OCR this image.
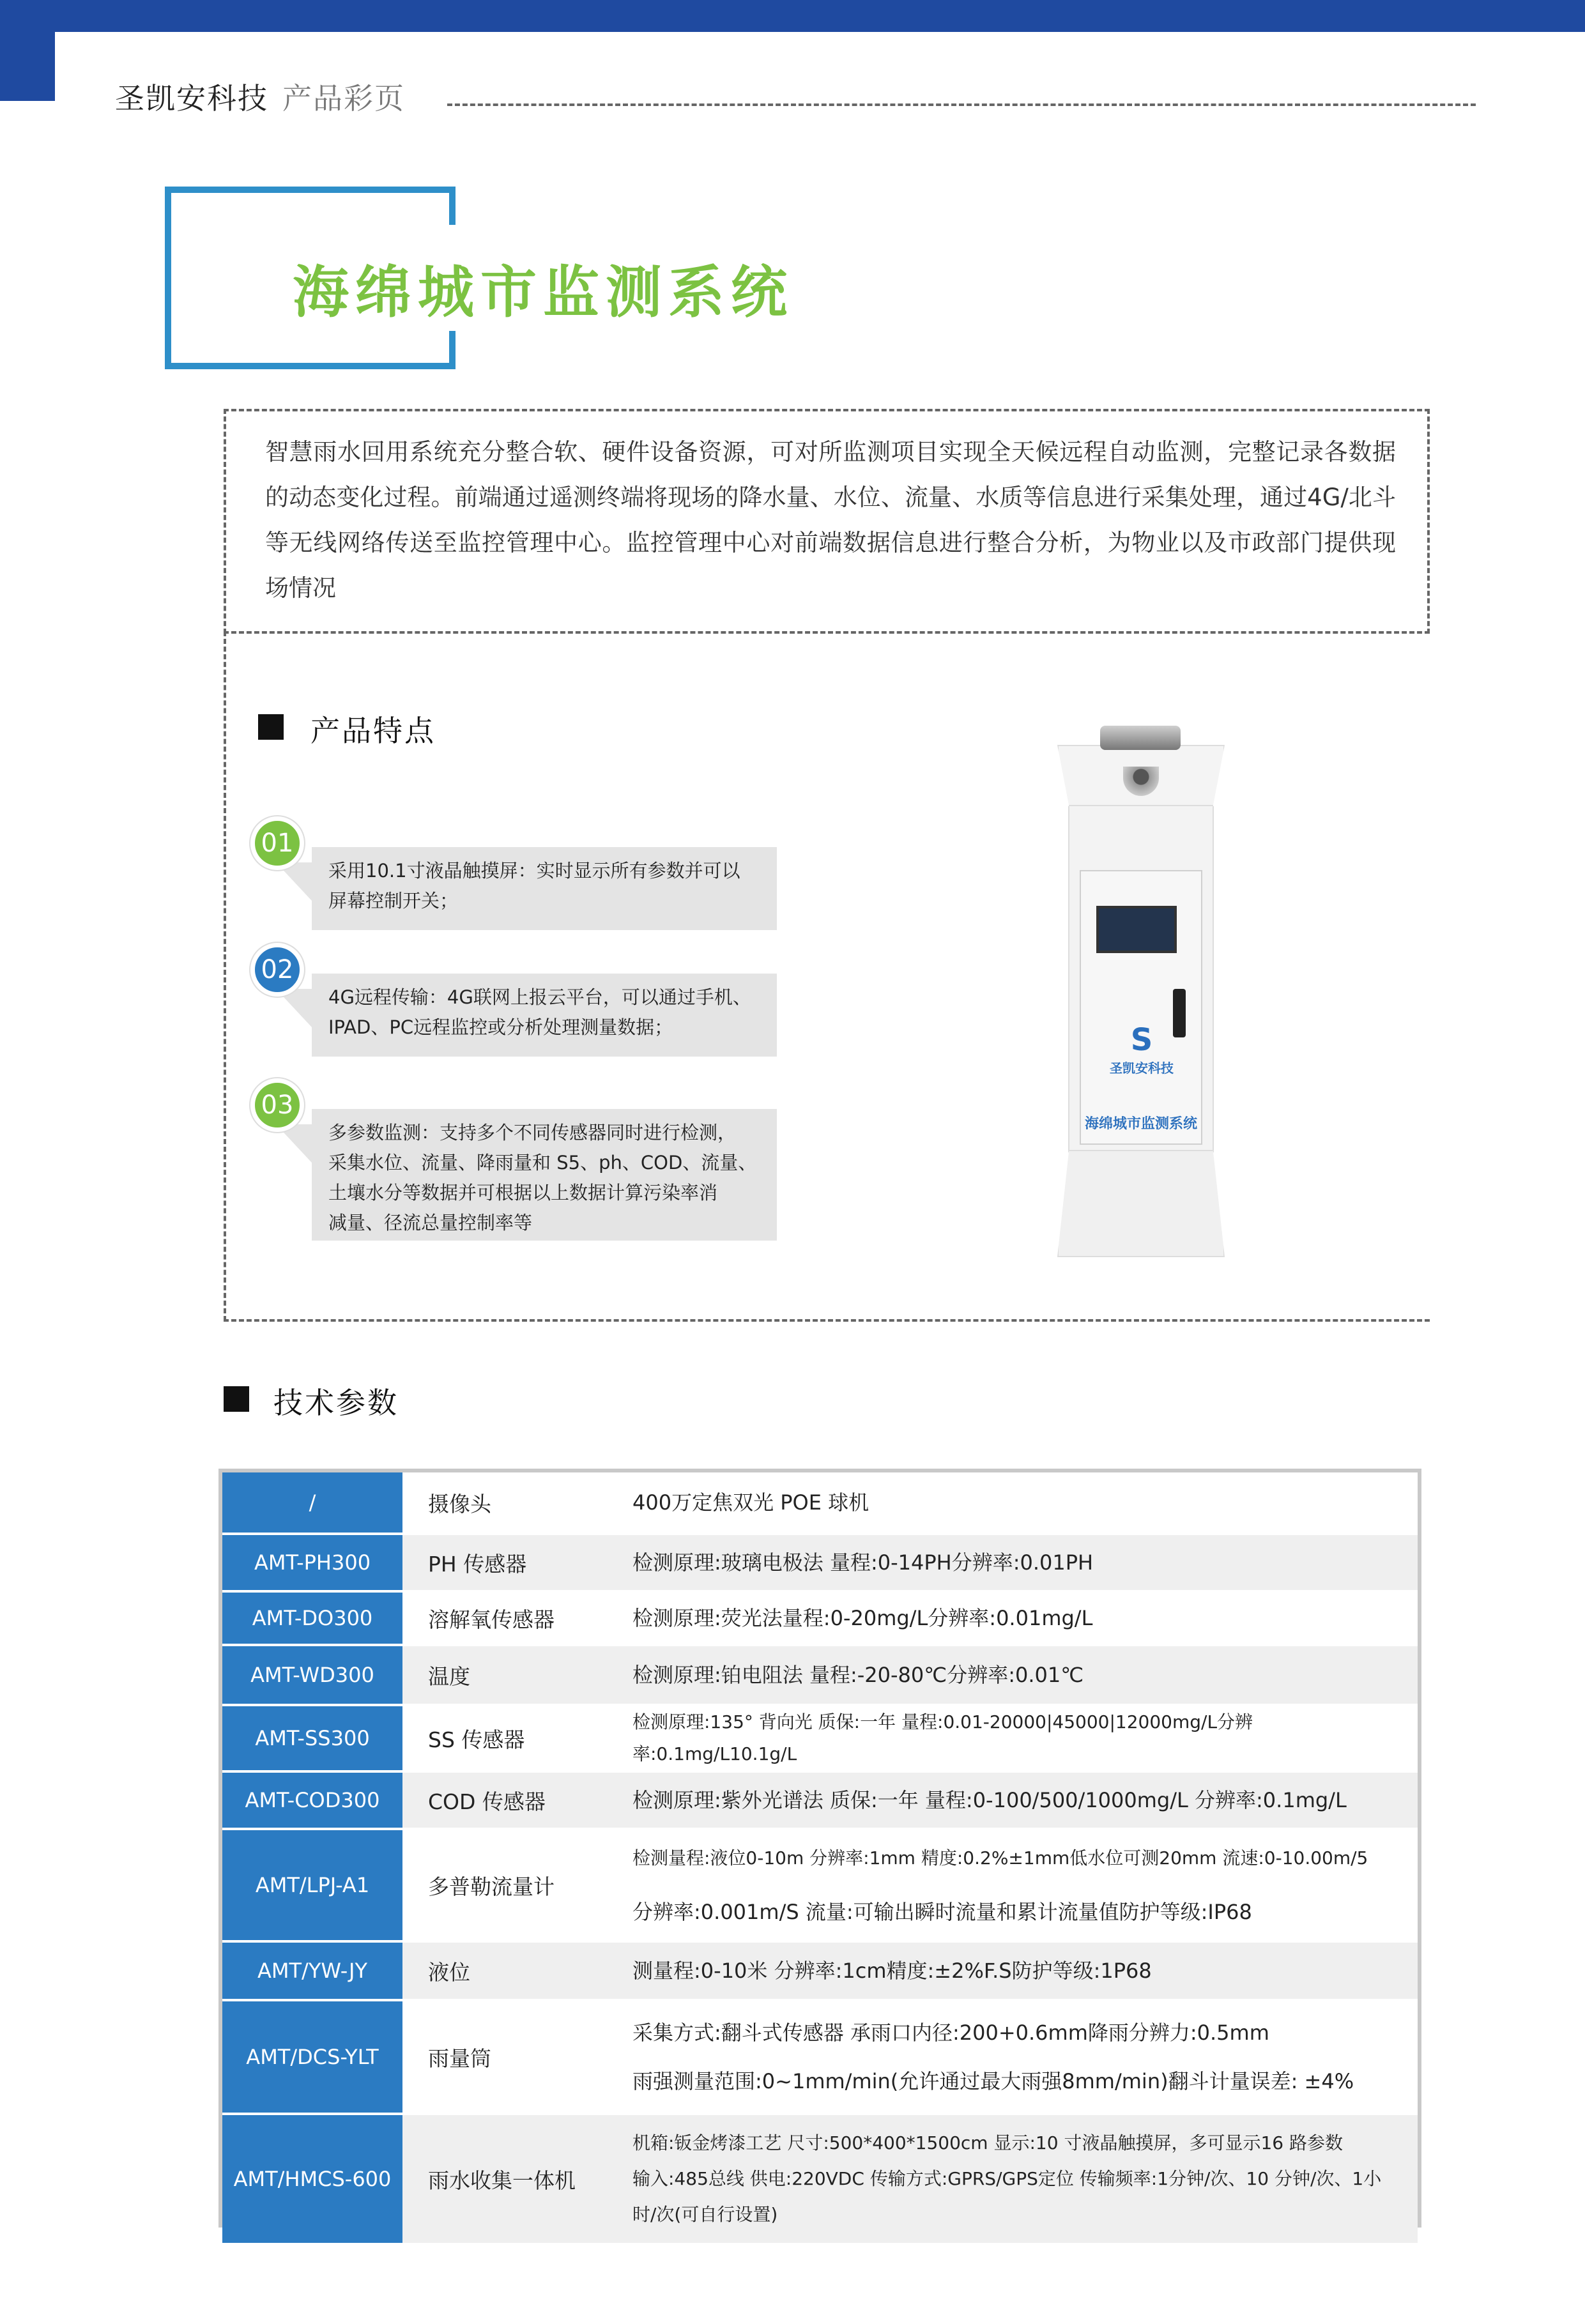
圣凯安科技 产品彩页
海绵城市监测系统
智慧雨水回用系统充分整合软、硬件设备资源，可对所监测项目实现全天候远程自动监测，完整记录各数据的动态变化过程。前端通过遥测终端将现场的降水量、水位、流量、水质等信息进行采集处理，通过4G/北斗等无线网络传送至监控管理中心。监控管理中心对前端数据信息进行整合分析，为物业以及市政部门提供现场情况
产品特点
采用10.1寸液晶触摸屏：实时显示所有参数并可以
屏幕控制开关；
01
4G远程传输：4G联网上报云平台，可以通过手机、
IPAD、PC远程监控或分析处理测量数据；
02
多参数监测：支持多个不同传感器同时进行检测，
采集水位、流量、降雨量和 S5、ph、COD、流量、
土壤水分等数据并可根据以上数据计算污染率消
减量、径流总量控制率等
03
S
圣凯安科技
海绵城市监测系统
技术参数
/	摄像头	400万定焦双光 POE 球机
AMT-PH300	PH 传感器	检测原理:玻璃电极法 量程:0-14PH分辨率:0.01PH
AMT-DO300	溶解氧传感器	检测原理:荧光法量程:0-20mg/L分辨率:0.01mg/L
AMT-WD300	温度	检测原理:铂电阻法 量程:-20-80℃分辨率:0.01℃
AMT-SS300	SS 传感器	检测原理:135° 背向光 质保:一年 量程:0.01-20000|45000|12000mg/L分辨率:0.1mg/L10.1g/L
AMT-COD300	COD 传感器	检测原理:紫外光谱法 质保:一年 量程:0-100/500/1000mg/L 分辨率:0.1mg/L
AMT/LPJ-A1	多普勒流量计	检测量程:液位0-10m 分辨率:1mm 精度:0.2%±1mm低水位可测20mm 流速:0-10.00m/5
分辨率:0.001m/S 流量:可输出瞬时流量和累计流量值防护等级:IP68

AMT/YW-JY	液位	测量程:0-10米 分辨率:1cm精度:±2%F.S防护等级:1P68
AMT/DCS-YLT	雨量筒	采集方式:翻斗式传感器 承雨口内径:200+0.6mm降雨分辨力:0.5mm
雨强测量范围:0~1mm/min(允许通过最大雨强8mm/min)翻斗计量误差: ±4%

AMT/HMCS-600	雨水收集一体机	机箱:钣金烤漆工艺 尺寸:500*400*1500cm 显示:10 寸液晶触摸屏，多可显示16 路参数
输入:485总线 供电:220VDC 传输方式:GPRS/GPS定位 传输频率:1分钟/次、10 分钟/次、1小
时/次(可自行设置)
